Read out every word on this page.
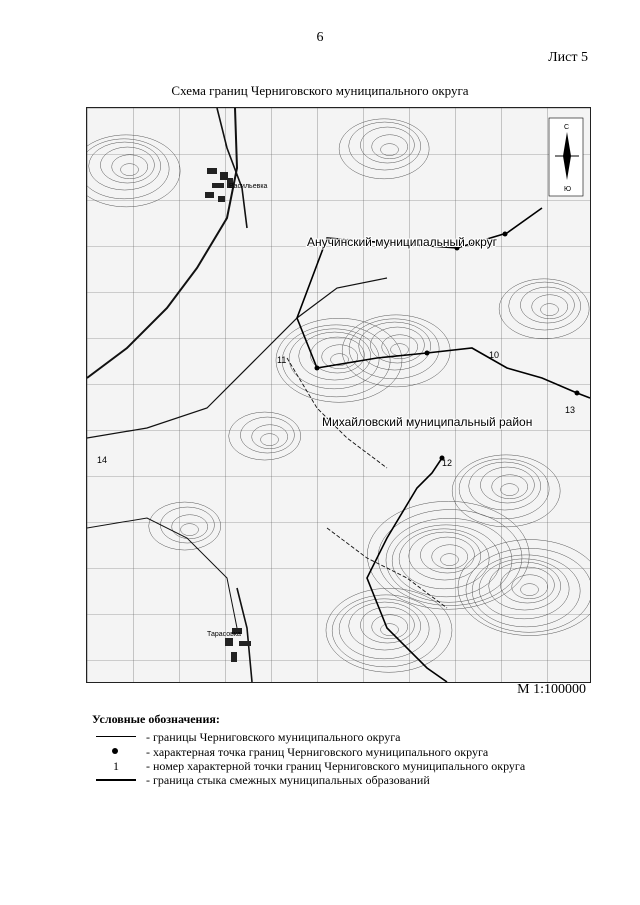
6
Лист 5
Схема границ Черниговского муниципального округа
10
11
12
13
14
Васильевка
Тарасовка
Анучинский муниципальный округ
Михайловский муниципальный район
С
Ю
М 1:100000
Условные обозначения:
- границы Черниговского муниципального округа
- характерная точка границ Черниговского муниципального округа
1	- номер характерной точки границ Черниговского муниципального округа
- граница стыка смежных муниципальных образований
